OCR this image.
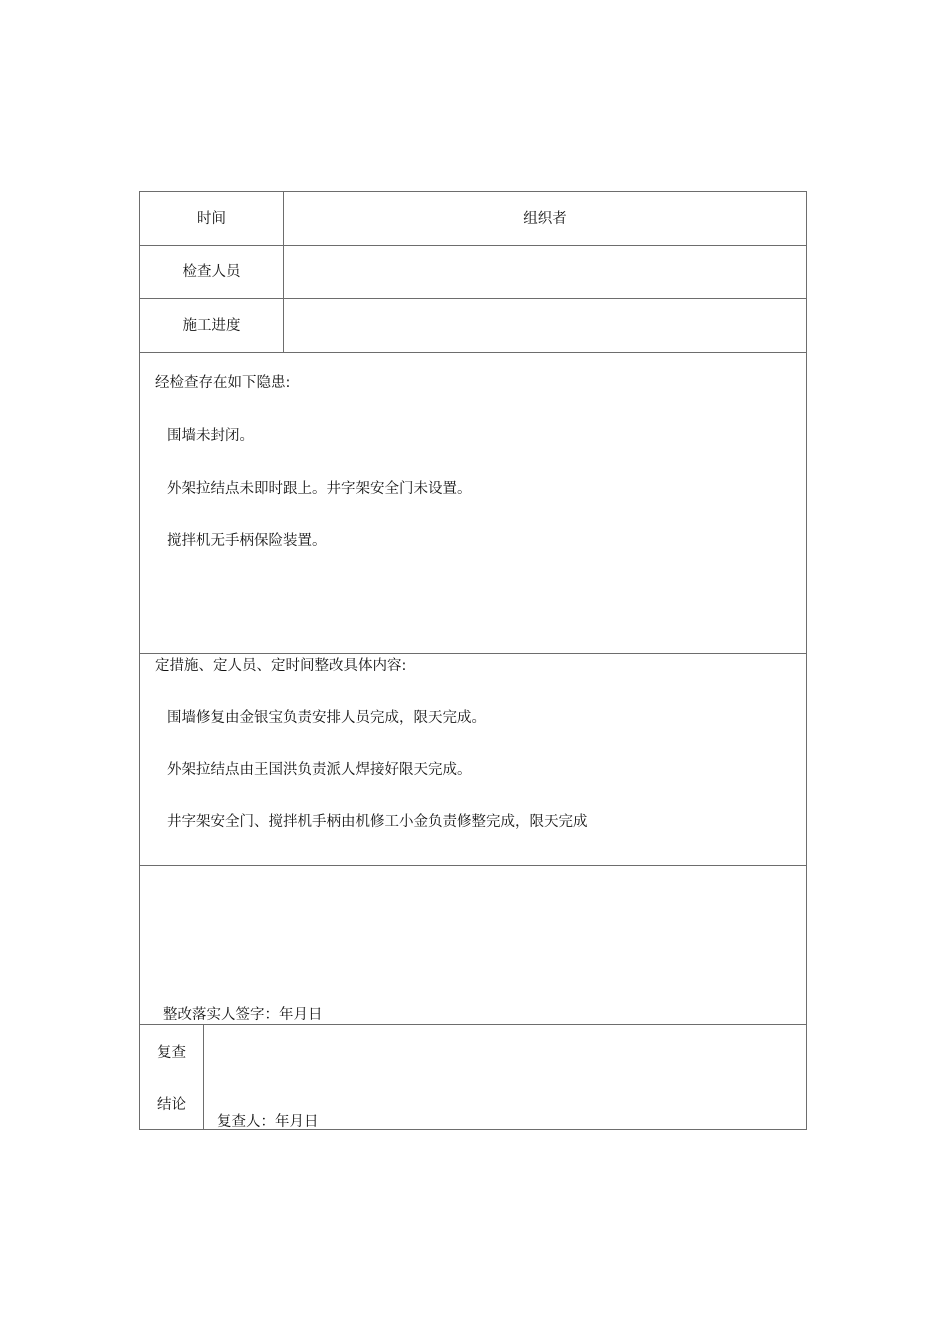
时间	组织者
检查人员
施工进度
经检查存在如下隐患:
围墙未封闭。
外架拉结点未即时跟上。井字架安全门未设置。
搅拌机无手柄保险装置。
定措施、定人员、定时间整改具体内容:
围墙修复由金银宝负责安排人员完成，限天完成。
外架拉结点由王国洪负责派人焊接好限天完成。
井字架安全门、搅拌机手柄由机修工小金负责修整完成，限天完成
整改落实人签字：年月日
复查
结论
复查人：年月日
